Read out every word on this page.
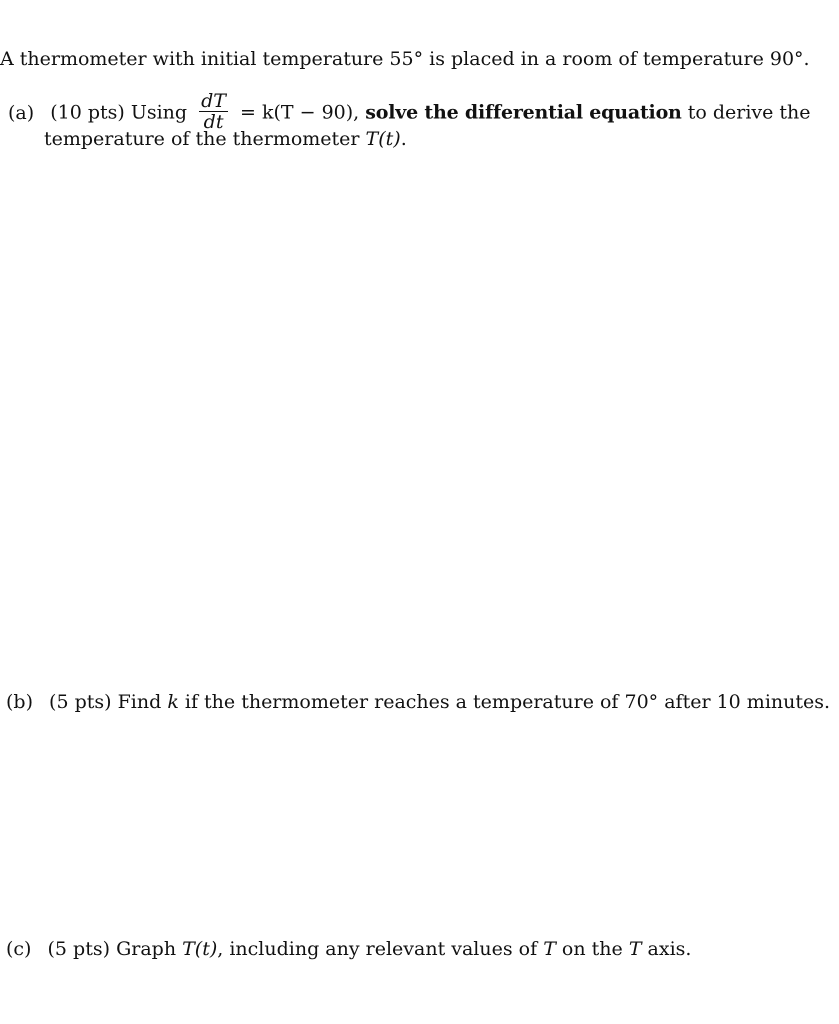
A thermometer with initial temperature 55° is placed in a room of temperature 90°.
(a) (10 pts) Using $\frac{dT}{dt} = k(T - 90)$, solve the differential equation to derive the
temperature of the thermometer T(t).
(b) (5 pts) Find k if the thermometer reaches a temperature of 70° after 10 minutes.
(c) (5 pts) Graph T(t), including any relevant values of T on the T axis.
